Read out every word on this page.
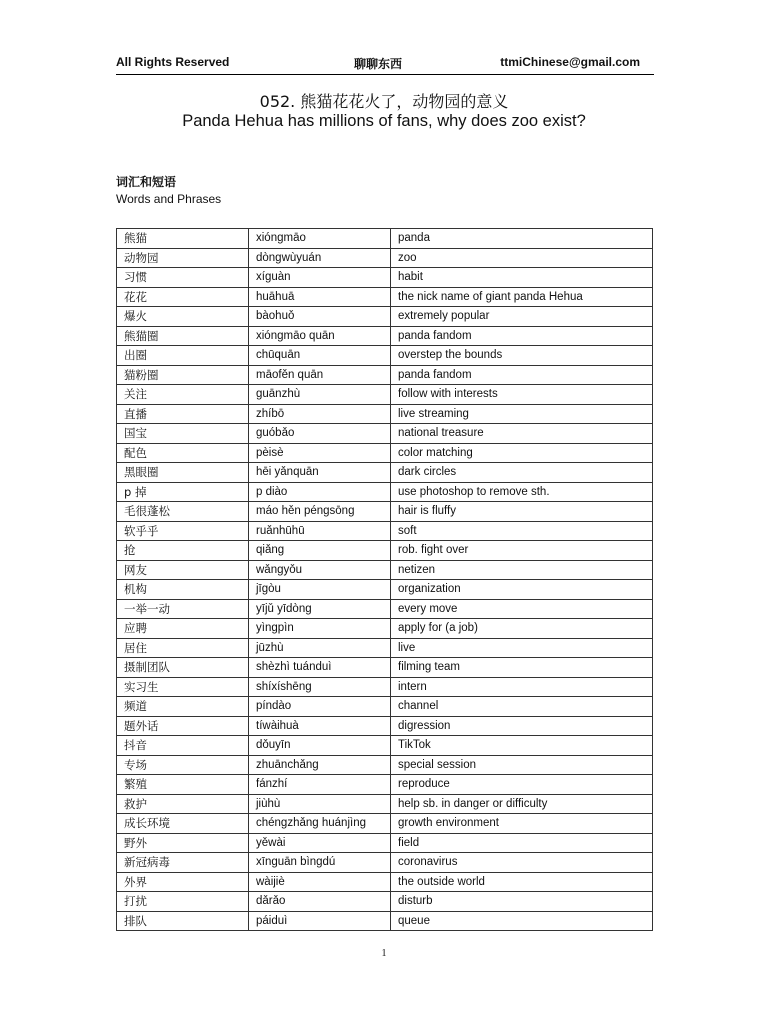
All Rights Reserved	聊聊东西	ttmiChinese@gmail.com
052. 熊猫花花火了，动物园的意义
Panda Hehua has millions of fans, why does zoo exist?
词汇和短语
Words and Phrases
熊猫	xióngmāo	panda
动物园	dòngwùyuán	zoo
习惯	xíguàn	habit
花花	huāhuā	the nick name of giant panda Hehua
爆火	bàohuǒ	extremely popular
熊猫圈	xióngmāo quān	panda fandom
出圈	chūquān	overstep the bounds
猫粉圈	māofěn quān	panda fandom
关注	guānzhù	follow with interests
直播	zhíbō	live streaming
国宝	guóbǎo	national treasure
配色	pèisè	color matching
黑眼圈	hēi yǎnquān	dark circles
p 掉	p diào	use photoshop to remove sth.
毛很蓬松	máo hěn péngsōng	hair is fluffy
软乎乎	ruǎnhūhū	soft
抢	qiǎng	rob. fight over
网友	wǎngyǒu	netizen
机构	jīgòu	organization
一举一动	yījǔ yīdòng	every move
应聘	yìngpìn	apply for (a job)
居住	jūzhù	live
摄制团队	shèzhì tuánduì	filming team
实习生	shíxíshēng	intern
频道	píndào	channel
题外话	tíwàihuà	digression
抖音	dǒuyīn	TikTok
专场	zhuānchǎng	special session
繁殖	fánzhí	reproduce
救护	jiùhù	help sb. in danger or difficulty
成长环境	chéngzhǎng huánjìng	growth environment
野外	yěwài	field
新冠病毒	xīnguān bìngdú	coronavirus
外界	wàijiè	the outside world
打扰	dǎrǎo	disturb
排队	páiduì	queue
1
